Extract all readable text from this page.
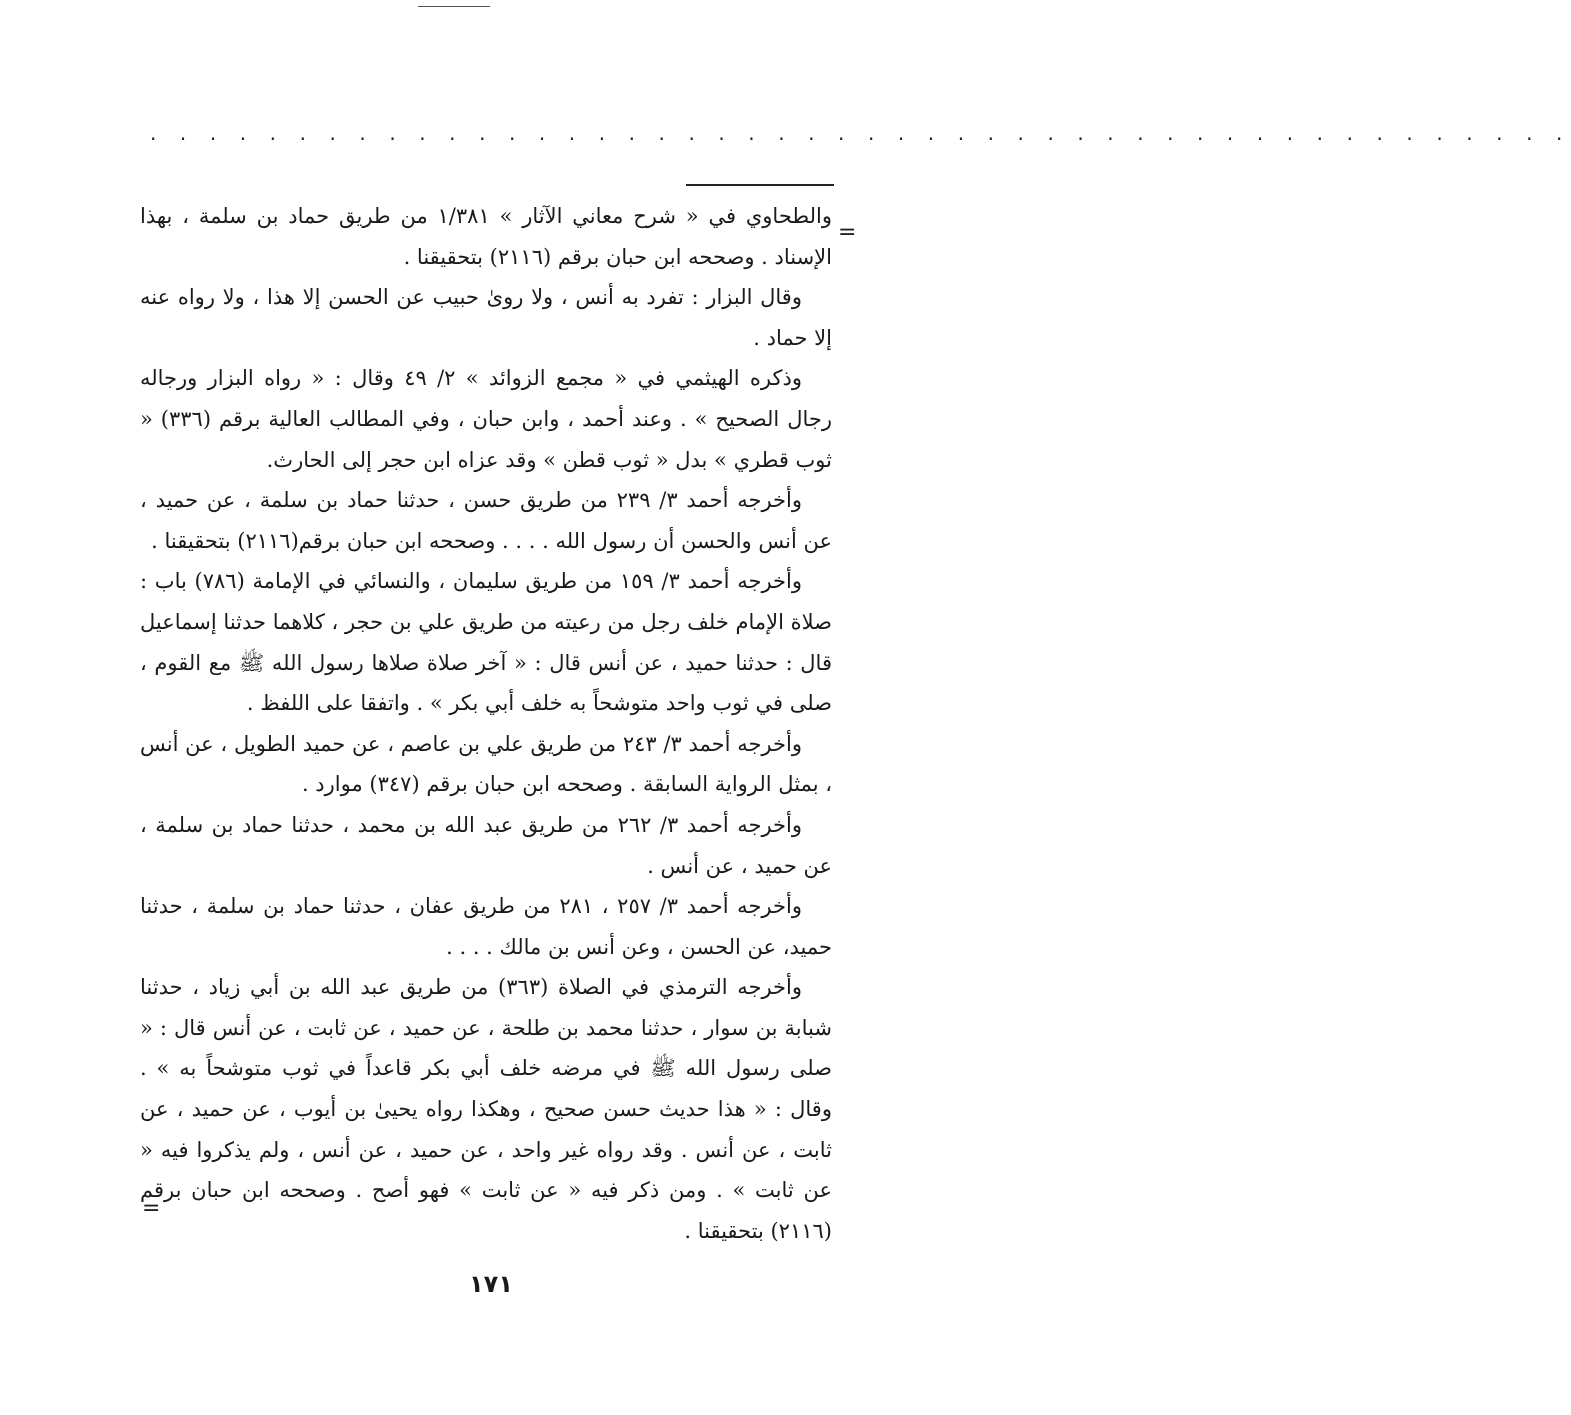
. . . . . . . . . . . . . . . . . . . . . . . . . . . . . . . . . . . . . . . . . . . . . . . .
=

والطحاوي في « شرح معاني الآثار » ١/٣٨١ من طريق حماد بن سلمة ، بهذا الإسناد . وصححه ابن حبان برقم (٢١١٦) بتحقيقنا .

وقال البزار : تفرد به أنس ، ولا روىٰ حبيب عن الحسن إلا هذا ، ولا رواه عنه إلا حماد .

وذكره الهيثمي في « مجمع الزوائد » ٢/ ٤٩ وقال : « رواه البزار ورجاله رجال الصحيح » . وعند أحمد ، وابن حبان ، وفي المطالب العالية برقم (٣٣٦) « ثوب قطري » بدل « ثوب قطن » وقد عزاه ابن حجر إلى الحارث.

وأخرجه أحمد ٣/ ٢٣٩ من طريق حسن ، حدثنا حماد بن سلمة ، عن حميد ، عن أنس والحسن أن رسول الله . . . . وصححه ابن حبان برقم(٢١١٦) بتحقيقنا .

وأخرجه أحمد ٣/ ١٥٩ من طريق سليمان ، والنسائي في الإمامة (٧٨٦) باب : صلاة الإمام خلف رجل من رعيته من طريق علي بن حجر ، كلاهما حدثنا إسماعيل قال : حدثنا حميد ، عن أنس قال : « آخر صلاة صلاها رسول الله ﷺ مع القوم ، صلى في ثوب واحد متوشحاً به خلف أبي بكر » . واتفقا على اللفظ .

وأخرجه أحمد ٣/ ٢٤٣ من طريق علي بن عاصم ، عن حميد الطويل ، عن أنس ، بمثل الرواية السابقة . وصححه ابن حبان برقم (٣٤٧) موارد .

وأخرجه أحمد ٣/ ٢٦٢ من طريق عبد الله بن محمد ، حدثنا حماد بن سلمة ، عن حميد ، عن أنس .

وأخرجه أحمد ٣/ ٢٥٧ ، ٢٨١ من طريق عفان ، حدثنا حماد بن سلمة ، حدثنا حميد، عن الحسن ، وعن أنس بن مالك . . . .

وأخرجه الترمذي في الصلاة (٣٦٣) من طريق عبد الله بن أبي زياد ، حدثنا شبابة بن سوار ، حدثنا محمد بن طلحة ، عن حميد ، عن ثابت ، عن أنس قال : « صلى رسول الله ﷺ في مرضه خلف أبي بكر قاعداً في ثوب متوشحاً به » . وقال : « هذا حديث حسن صحيح ، وهكذا رواه يحيىٰ بن أيوب ، عن حميد ، عن ثابت ، عن أنس . وقد رواه غير واحد ، عن حميد ، عن أنس ، ولم يذكروا فيه « عن ثابت » . ومن ذكر فيه « عن ثابت » فهو أصح . وصححه ابن حبان برقم (٢١١٦) بتحقيقنا .

=
١٧١
